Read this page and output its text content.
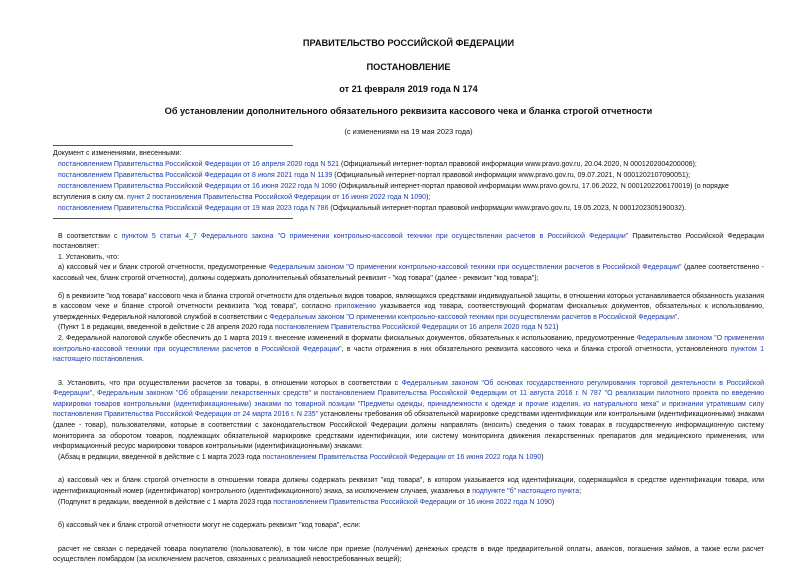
ПРАВИТЕЛЬСТВО РОССИЙСКОЙ ФЕДЕРАЦИИ
ПОСТАНОВЛЕНИЕ
от 21 февраля 2019 года N 174
Об установлении дополнительного обязательного реквизита кассового чека и бланка строгой отчетности
(с изменениями на 19 мая 2023 года)
Документ с изменениями, внесенными:
постановлением Правительства Российской Федерации от 16 апреля 2020 года N 521 (Официальный интернет-портал правовой информации www.pravo.gov.ru, 20.04.2020, N 0001202004200006);
постановлением Правительства Российской Федерации от 8 июля 2021 года N 1139 (Официальный интернет-портал правовой информации www.pravo.gov.ru, 09.07.2021, N 0001202107090051);
постановлением Правительства Российской Федерации от 16 июня 2022 года N 1090 (Официальный интернет-портал правовой информации www.pravo.gov.ru, 17.06.2022, N 0001202206170019) (о порядке
вступления в силу см. пункт 2 постановления Правительства Российской Федерации от 16 июня 2022 года N 1090);
постановлением Правительства Российской Федерации от 19 мая 2023 года N 786 (Официальный интернет-портал правовой информации www.pravo.gov.ru, 19.05.2023, N 0001202305190032).

В соответствии с пунктом 5 статьи 4_7 Федерального закона "О применении контрольно-кассовой техники при осуществлении расчетов в Российской Федерации" Правительство Российской Федерации постановляет:

1. Установить, что:

а) кассовый чек и бланк строгой отчетности, предусмотренные Федеральным законом "О применении контрольно-кассовой техники при осуществлении расчетов в Российской Федерации" (далее соответственно - кассовый чек, бланк строгой отчетности), должны содержать дополнительный обязательный реквизит - "код товара" (далее - реквизит "код товара");

б) в реквизите "код товара" кассового чека и бланка строгой отчетности для отдельных видов товаров, являющихся средствами индивидуальной защиты, в отношении которых устанавливается обязанность указания в кассовом чеке и бланке строгой отчетности реквизита "код товара", согласно приложению указывается код товара, соответствующий форматам фискальных документов, обязательных к использованию, утвержденных Федеральной налоговой службой в соответствии с Федеральным законом "О применении контрольно-кассовой техники при осуществлении расчетов в Российской Федерации".

(Пункт 1 в редакции, введенной в действие с 28 апреля 2020 года постановлением Правительства Российской Федерации от 16 апреля 2020 года N 521)

2. Федеральной налоговой службе обеспечить до 1 марта 2019 г. внесение изменений в форматы фискальных документов, обязательных к использованию, предусмотренные Федеральным законом "О применении контрольно-кассовой техники при осуществлении расчетов в Российской Федерации", в части отражения в них обязательного реквизита кассового чека и бланка строгой отчетности, установленного пунктом 1 настоящего постановления.

3. Установить, что при осуществлении расчетов за товары, в отношении которых в соответствии с Федеральным законом "Об основах государственного регулирования торговой деятельности в Российской Федерации", Федеральным законом "Об обращении лекарственных средств" и постановлением Правительства Российской Федерации от 11 августа 2016 г. N 787 "О реализации пилотного проекта по введению маркировки товаров контрольными (идентификационными) знаками по товарной позиции "Предметы одежды, принадлежности к одежде и прочие изделия, из натурального меха" и признании утратившим силу постановления Правительства Российской Федерации от 24 марта 2016 г. N 235" установлены требования об обязательной маркировке средствами идентификации или контрольными (идентификационными) знаками (далее - товар), пользователями, которые в соответствии с законодательством Российской Федерации должны направлять (вносить) сведения о таких товарах в государственную информационную систему мониторинга за оборотом товаров, подлежащих обязательной маркировке средствами идентификации, или систему мониторинга движения лекарственных препаратов для медицинского применения, или информационный ресурс маркировки товаров контрольными (идентификационными) знаками:

(Абзац в редакции, введенной в действие с 1 марта 2023 года постановлением Правительства Российской Федерации от 16 июня 2022 года N 1090)

а) кассовый чек и бланк строгой отчетности в отношении товара должны содержать реквизит "код товара", в котором указывается код идентификации, содержащийся в средстве идентификации товара, или идентификационный номер (идентификатор) контрольного (идентификационного) знака, за исключением случаев, указанных в подпункте "б" настоящего пункта;

(Подпункт в редакции, введенной в действие с 1 марта 2023 года постановлением Правительства Российской Федерации от 16 июня 2022 года N 1090)

б) кассовый чек и бланк строгой отчетности могут не содержать реквизит "код товара", если:

расчет не связан с передачей товара покупателю (пользователю), в том числе при приеме (получении) денежных средств в виде предварительной оплаты, авансов, погашения займов, а также если расчет осуществлен ломбардом (за исключением расчетов, связанных с реализацией невостребованных вещей);
